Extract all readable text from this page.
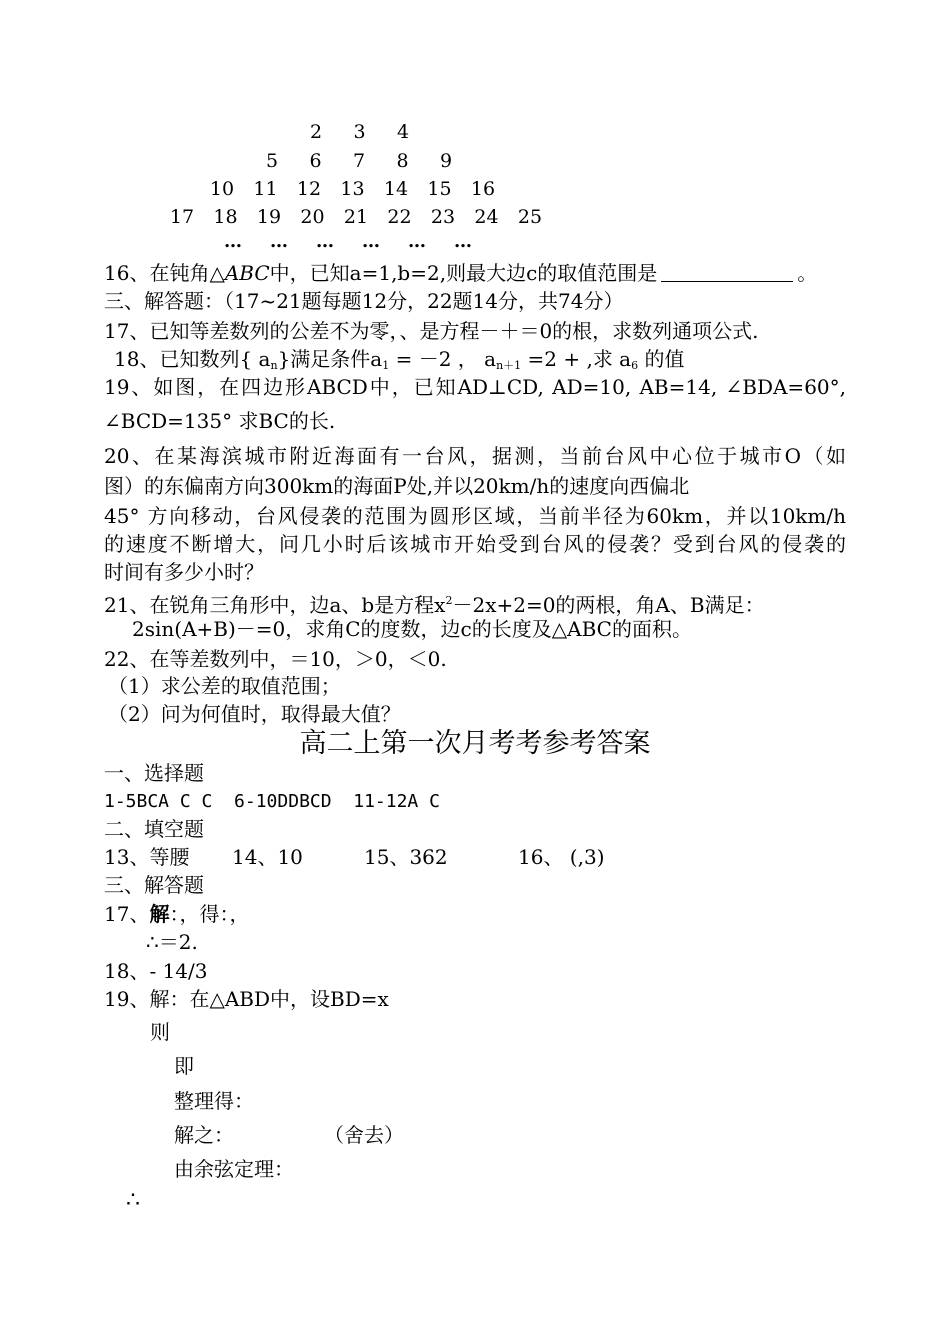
2	3	4
5	6	7	8	9
10	11	12	13	14	15	16
17	18	19	20	21	22	23	24	25
… … … … … …
16、在钝角△ABC中，已知a=1,b=2,则最大边c的取值范围是	。
三、解答题：（17~21题每题12分，22题14分，共74分）
17、已知等差数列的公差不为零，、是方程－＋＝0的根，求数列通项公式.
18、已知数列{ $a_n$}满足条件$a_1 = -2$ ， $a_{n+1} =2$ + ,求 $a_6$ 的值
19、如图，在四边形ABCD中，已知AD⊥CD, AD=10, AB=14, ∠BDA=60°,
∠BCD=135° 求BC的长.
20、在某海滨城市附近海面有一台风，据测，当前台风中心位于城市O（如
图）的东偏南方向300km的海面P处,并以20km/h的速度向西偏北
45° 方向移动，台风侵袭的范围为圆形区域，当前半径为60km，并以10km/h
的速度不断增大，问几小时后该城市开始受到台风的侵袭？受到台风的侵袭的
时间有多少小时？
21、在锐角三角形中，边a、b是方程$x^2-2x+2=0$的两根，角A、B满足：
2sin(A+B)－=0，求角C的度数，边c的长度及△ABC的面积。
22、在等差数列中，＝10，＞0，＜0.
（1）求公差的取值范围；
（2）问为何值时，取得最大值？
高二上第一次月考考参考答案
一、选择题
1-5BCA C C  6-10DDBCD  11-12A C
二、填空题
13、等腰 14、10	15、362	16、 (,3)
三、解答题
17、解：，得：，
∴＝2.
18、- 14/3
19、解：在△ABD中，设BD=x
则
即
整理得：
解之：	（舍去）
由余弦定理：
∴
